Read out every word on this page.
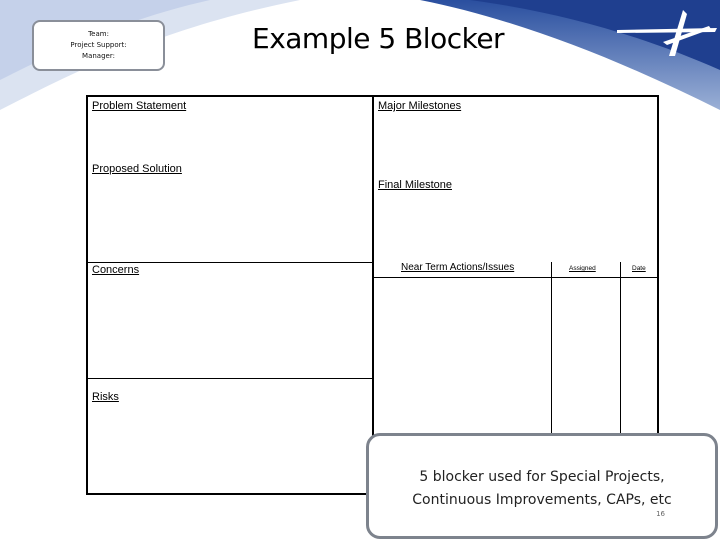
Team:
Project Support:
Manager:
Example 5 Blocker
Problem Statement
Proposed Solution
Concerns
Risks
Major Milestones
Final Milestone
Near Term Actions/Issues	Assigned	Date
5 blocker used for Special Projects,
Continuous Improvements, CAPs, etc
16
